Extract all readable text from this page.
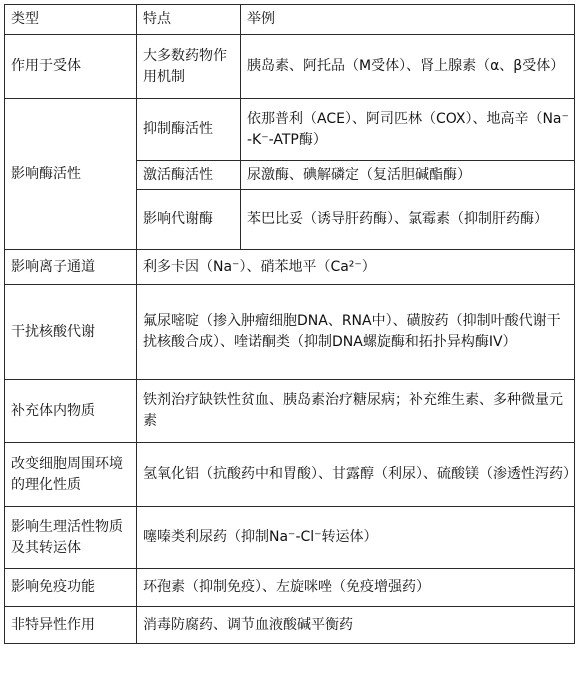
类型	特点	举例
作用于受体	大多数药物作用机制	胰岛素、阿托品（M受体）、肾上腺素（α、β受体）
影响酶活性	抑制酶活性	依那普利（ACE）、阿司匹林（COX）、地高辛（Na⁻-K⁻-ATP酶）
	激活酶活性	尿激酶、碘解磷定（复活胆碱酯酶）
	影响代谢酶	苯巴比妥（诱导肝药酶）、氯霉素（抑制肝药酶）
影响离子通道	利多卡因（Na⁻）、硝苯地平（Ca²⁻）	
干扰核酸代谢	氟尿嘧啶（掺入肿瘤细胞DNA、RNA中）、磺胺药（抑制叶酸代谢干扰核酸合成）、喹诺酮类（抑制DNA螺旋酶和拓扑异构酶IV）	
补充体内物质	铁剂治疗缺铁性贫血、胰岛素治疗糖尿病；补充维生素、多种微量元素	
改变细胞周围环境的理化性质	氢氧化铝（抗酸药中和胃酸）、甘露醇（利尿）、硫酸镁（渗透性泻药）	
影响生理活性物质及其转运体	噻嗪类利尿药（抑制Na⁻-Cl⁻转运体）	
影响免疫功能	环孢素（抑制免疫）、左旋咪唑（免疫增强药）	
非特异性作用	消毒防腐药、调节血液酸碱平衡药	
